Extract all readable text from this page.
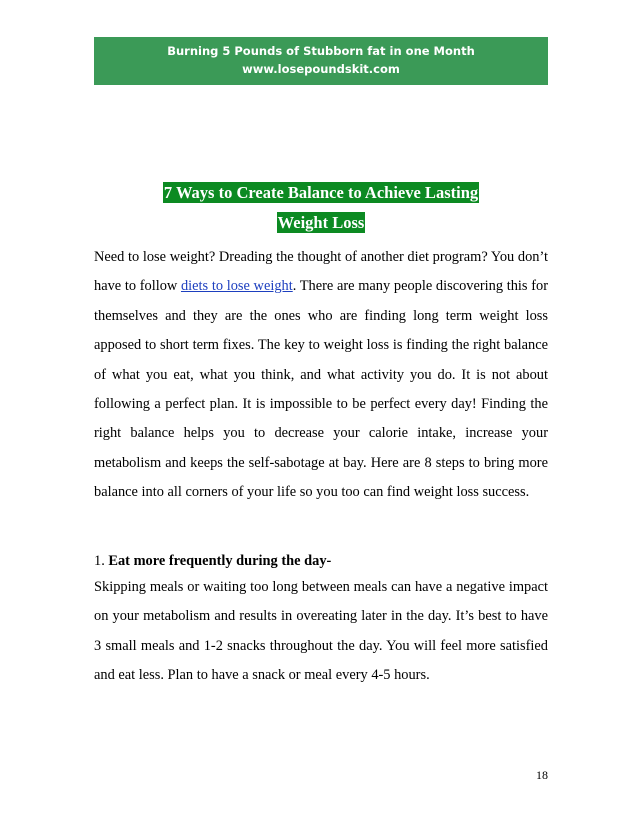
Burning 5 Pounds of Stubborn fat in one Month
www.losepoundskit.com
7 Ways to Create Balance to Achieve Lasting
Weight Loss

Need to lose weight? Dreading the thought of another diet program? You don’t have to follow diets to lose weight. There are many people discovering this for themselves and they are the ones who are finding long term weight loss apposed to short term fixes. The key to weight loss is finding the right balance of what you eat, what you think, and what activity you do. It is not about following a perfect plan. It is impossible to be perfect every day! Finding the right balance helps you to decrease your calorie intake, increase your metabolism and keeps the self-sabotage at bay. Here are 8 steps to bring more balance into all corners of your life so you too can find weight loss success.

1. Eat more frequently during the day-

Skipping meals or waiting too long between meals can have a negative impact on your metabolism and results in overeating later in the day. It’s best to have 3 small meals and 1-2 snacks throughout the day. You will feel more satisfied and eat less. Plan to have a snack or meal every 4-5 hours.

18
